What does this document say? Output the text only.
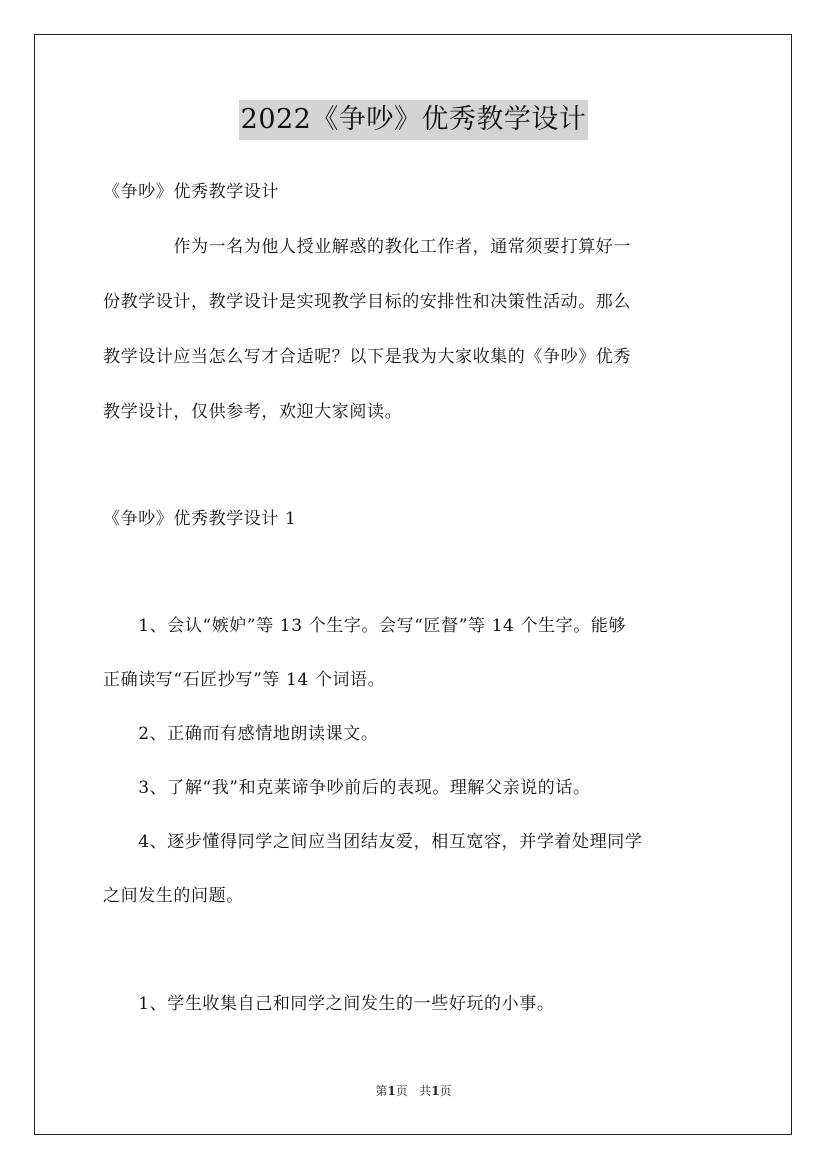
2022《争吵》优秀教学设计

《争吵》优秀教学设计

　　　　作为一名为他人授业解惑的教化工作者，通常须要打算好一

份教学设计，教学设计是实现教学目标的安排性和决策性活动。那么

教学设计应当怎么写才合适呢？以下是我为大家收集的《争吵》优秀

教学设计，仅供参考，欢迎大家阅读。

《争吵》优秀教学设计 1

　　1、会认“嫉妒”等 13 个生字。会写“匠督”等 14 个生字。能够

正确读写“石匠抄写”等 14 个词语。

　　2、正确而有感情地朗读课文。

　　3、了解“我”和克莱谛争吵前后的表现。理解父亲说的话。

　　4、逐步懂得同学之间应当团结友爱，相互宽容，并学着处理同学

之间发生的问题。

　　1、学生收集自己和同学之间发生的一些好玩的小事。

第1页 共1页
